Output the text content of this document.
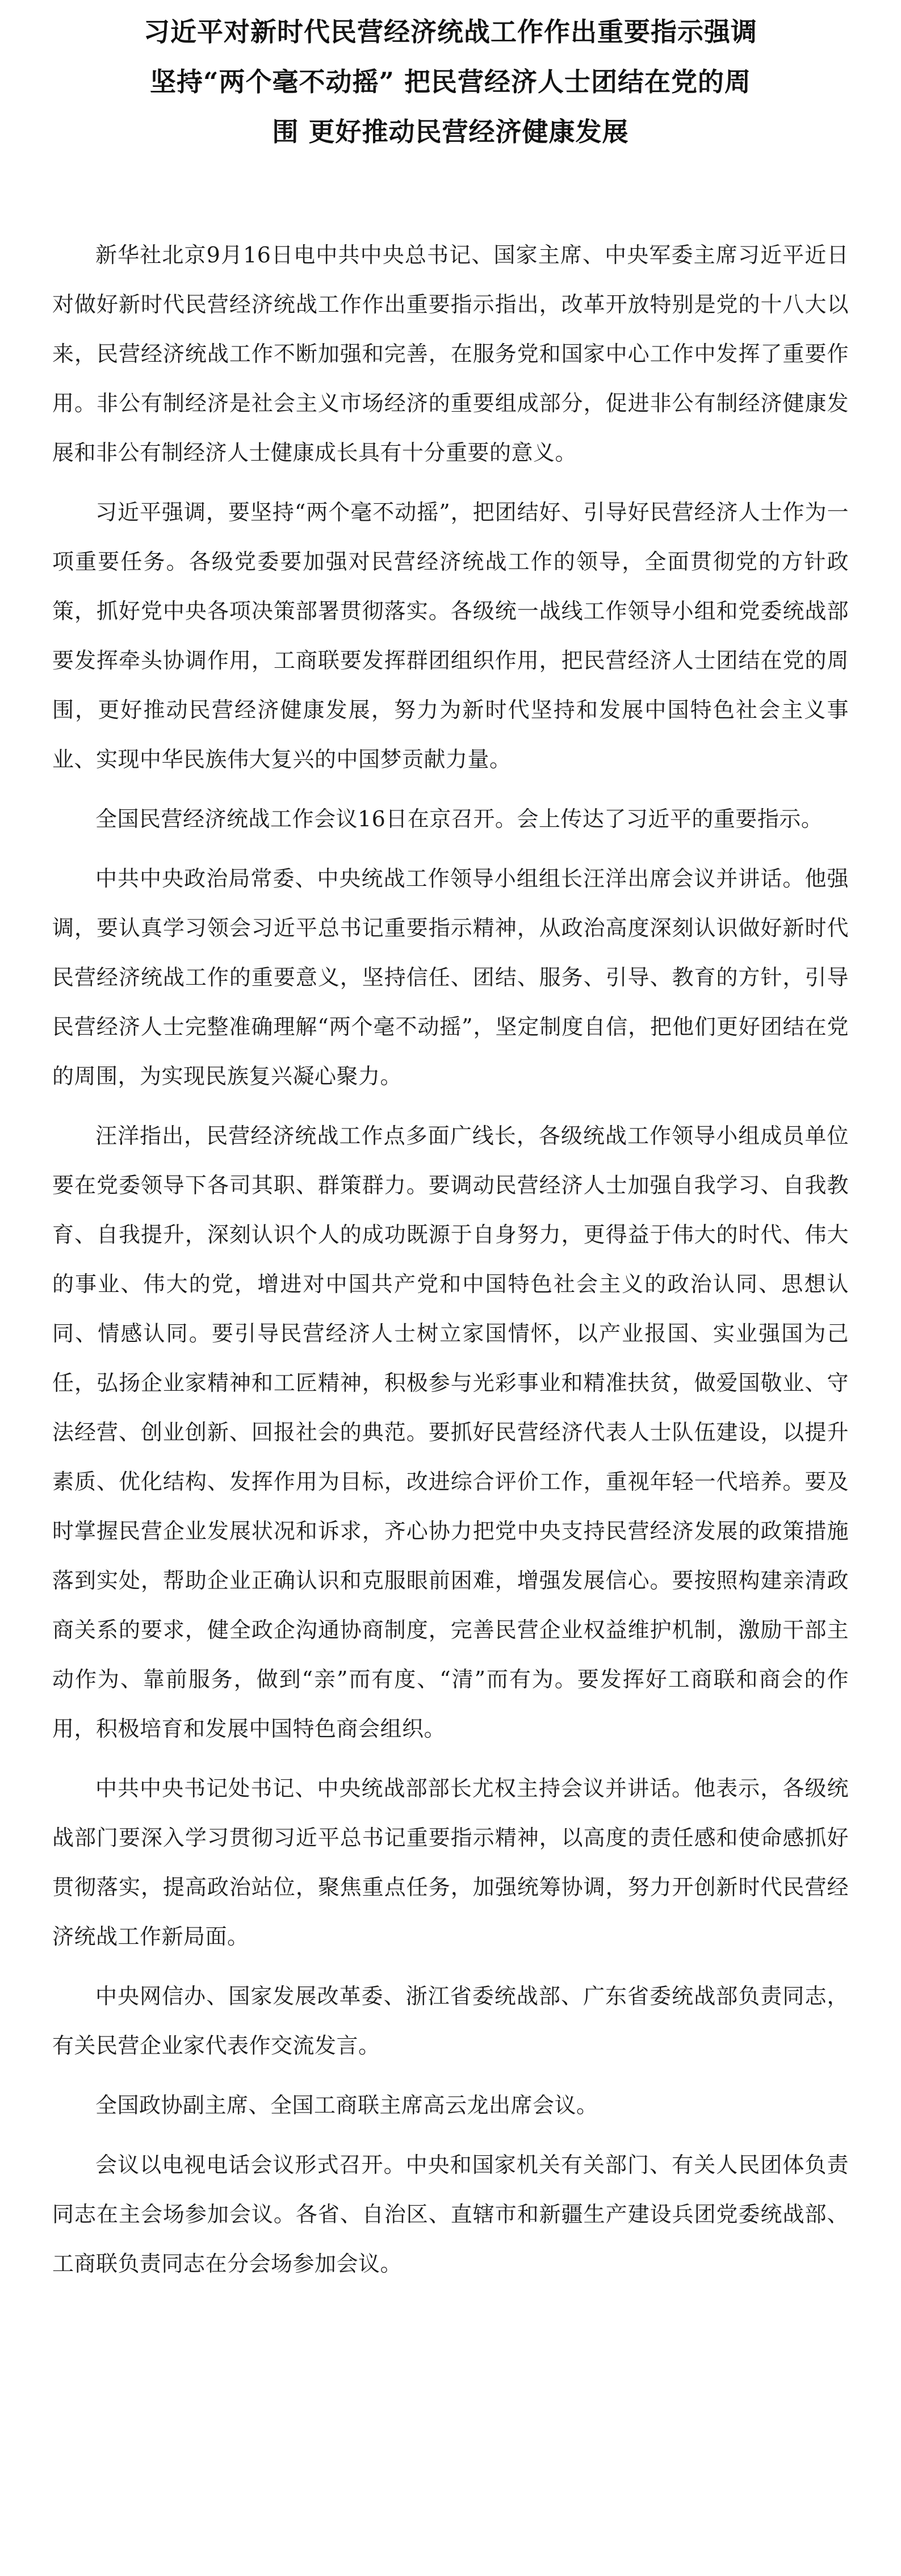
习近平对新时代民营经济统战工作作出重要指示强调
坚持“两个毫不动摇” 把民营经济人士团结在党的周
围 更好推动民营经济健康发展

新华社北京9月16日电中共中央总书记、国家主席、中央军委主席习近平近日对做好新时代民营经济统战工作作出重要指示指出，改革开放特别是党的十八大以来，民营经济统战工作不断加强和完善，在服务党和国家中心工作中发挥了重要作用。非公有制经济是社会主义市场经济的重要组成部分，促进非公有制经济健康发展和非公有制经济人士健康成长具有十分重要的意义。

习近平强调，要坚持“两个毫不动摇”，把团结好、引导好民营经济人士作为一项重要任务。各级党委要加强对民营经济统战工作的领导，全面贯彻党的方针政策，抓好党中央各项决策部署贯彻落实。各级统一战线工作领导小组和党委统战部要发挥牵头协调作用，工商联要发挥群团组织作用，把民营经济人士团结在党的周围，更好推动民营经济健康发展，努力为新时代坚持和发展中国特色社会主义事业、实现中华民族伟大复兴的中国梦贡献力量。

全国民营经济统战工作会议16日在京召开。会上传达了习近平的重要指示。

中共中央政治局常委、中央统战工作领导小组组长汪洋出席会议并讲话。他强调，要认真学习领会习近平总书记重要指示精神，从政治高度深刻认识做好新时代民营经济统战工作的重要意义，坚持信任、团结、服务、引导、教育的方针，引导民营经济人士完整准确理解“两个毫不动摇”，坚定制度自信，把他们更好团结在党的周围，为实现民族复兴凝心聚力。

汪洋指出，民营经济统战工作点多面广线长，各级统战工作领导小组成员单位要在党委领导下各司其职、群策群力。要调动民营经济人士加强自我学习、自我教育、自我提升，深刻认识个人的成功既源于自身努力，更得益于伟大的时代、伟大的事业、伟大的党，增进对中国共产党和中国特色社会主义的政治认同、思想认同、情感认同。要引导民营经济人士树立家国情怀，以产业报国、实业强国为己任，弘扬企业家精神和工匠精神，积极参与光彩事业和精准扶贫，做爱国敬业、守法经营、创业创新、回报社会的典范。要抓好民营经济代表人士队伍建设，以提升素质、优化结构、发挥作用为目标，改进综合评价工作，重视年轻一代培养。要及时掌握民营企业发展状况和诉求，齐心协力把党中央支持民营经济发展的政策措施落到实处，帮助企业正确认识和克服眼前困难，增强发展信心。要按照构建亲清政商关系的要求，健全政企沟通协商制度，完善民营企业权益维护机制，激励干部主动作为、靠前服务，做到“亲”而有度、“清”而有为。要发挥好工商联和商会的作用，积极培育和发展中国特色商会组织。

中共中央书记处书记、中央统战部部长尤权主持会议并讲话。他表示，各级统战部门要深入学习贯彻习近平总书记重要指示精神，以高度的责任感和使命感抓好贯彻落实，提高政治站位，聚焦重点任务，加强统筹协调，努力开创新时代民营经济统战工作新局面。

中央网信办、国家发展改革委、浙江省委统战部、广东省委统战部负责同志，有关民营企业家代表作交流发言。

全国政协副主席、全国工商联主席高云龙出席会议。

会议以电视电话会议形式召开。中央和国家机关有关部门、有关人民团体负责同志在主会场参加会议。各省、自治区、直辖市和新疆生产建设兵团党委统战部、工商联负责同志在分会场参加会议。
